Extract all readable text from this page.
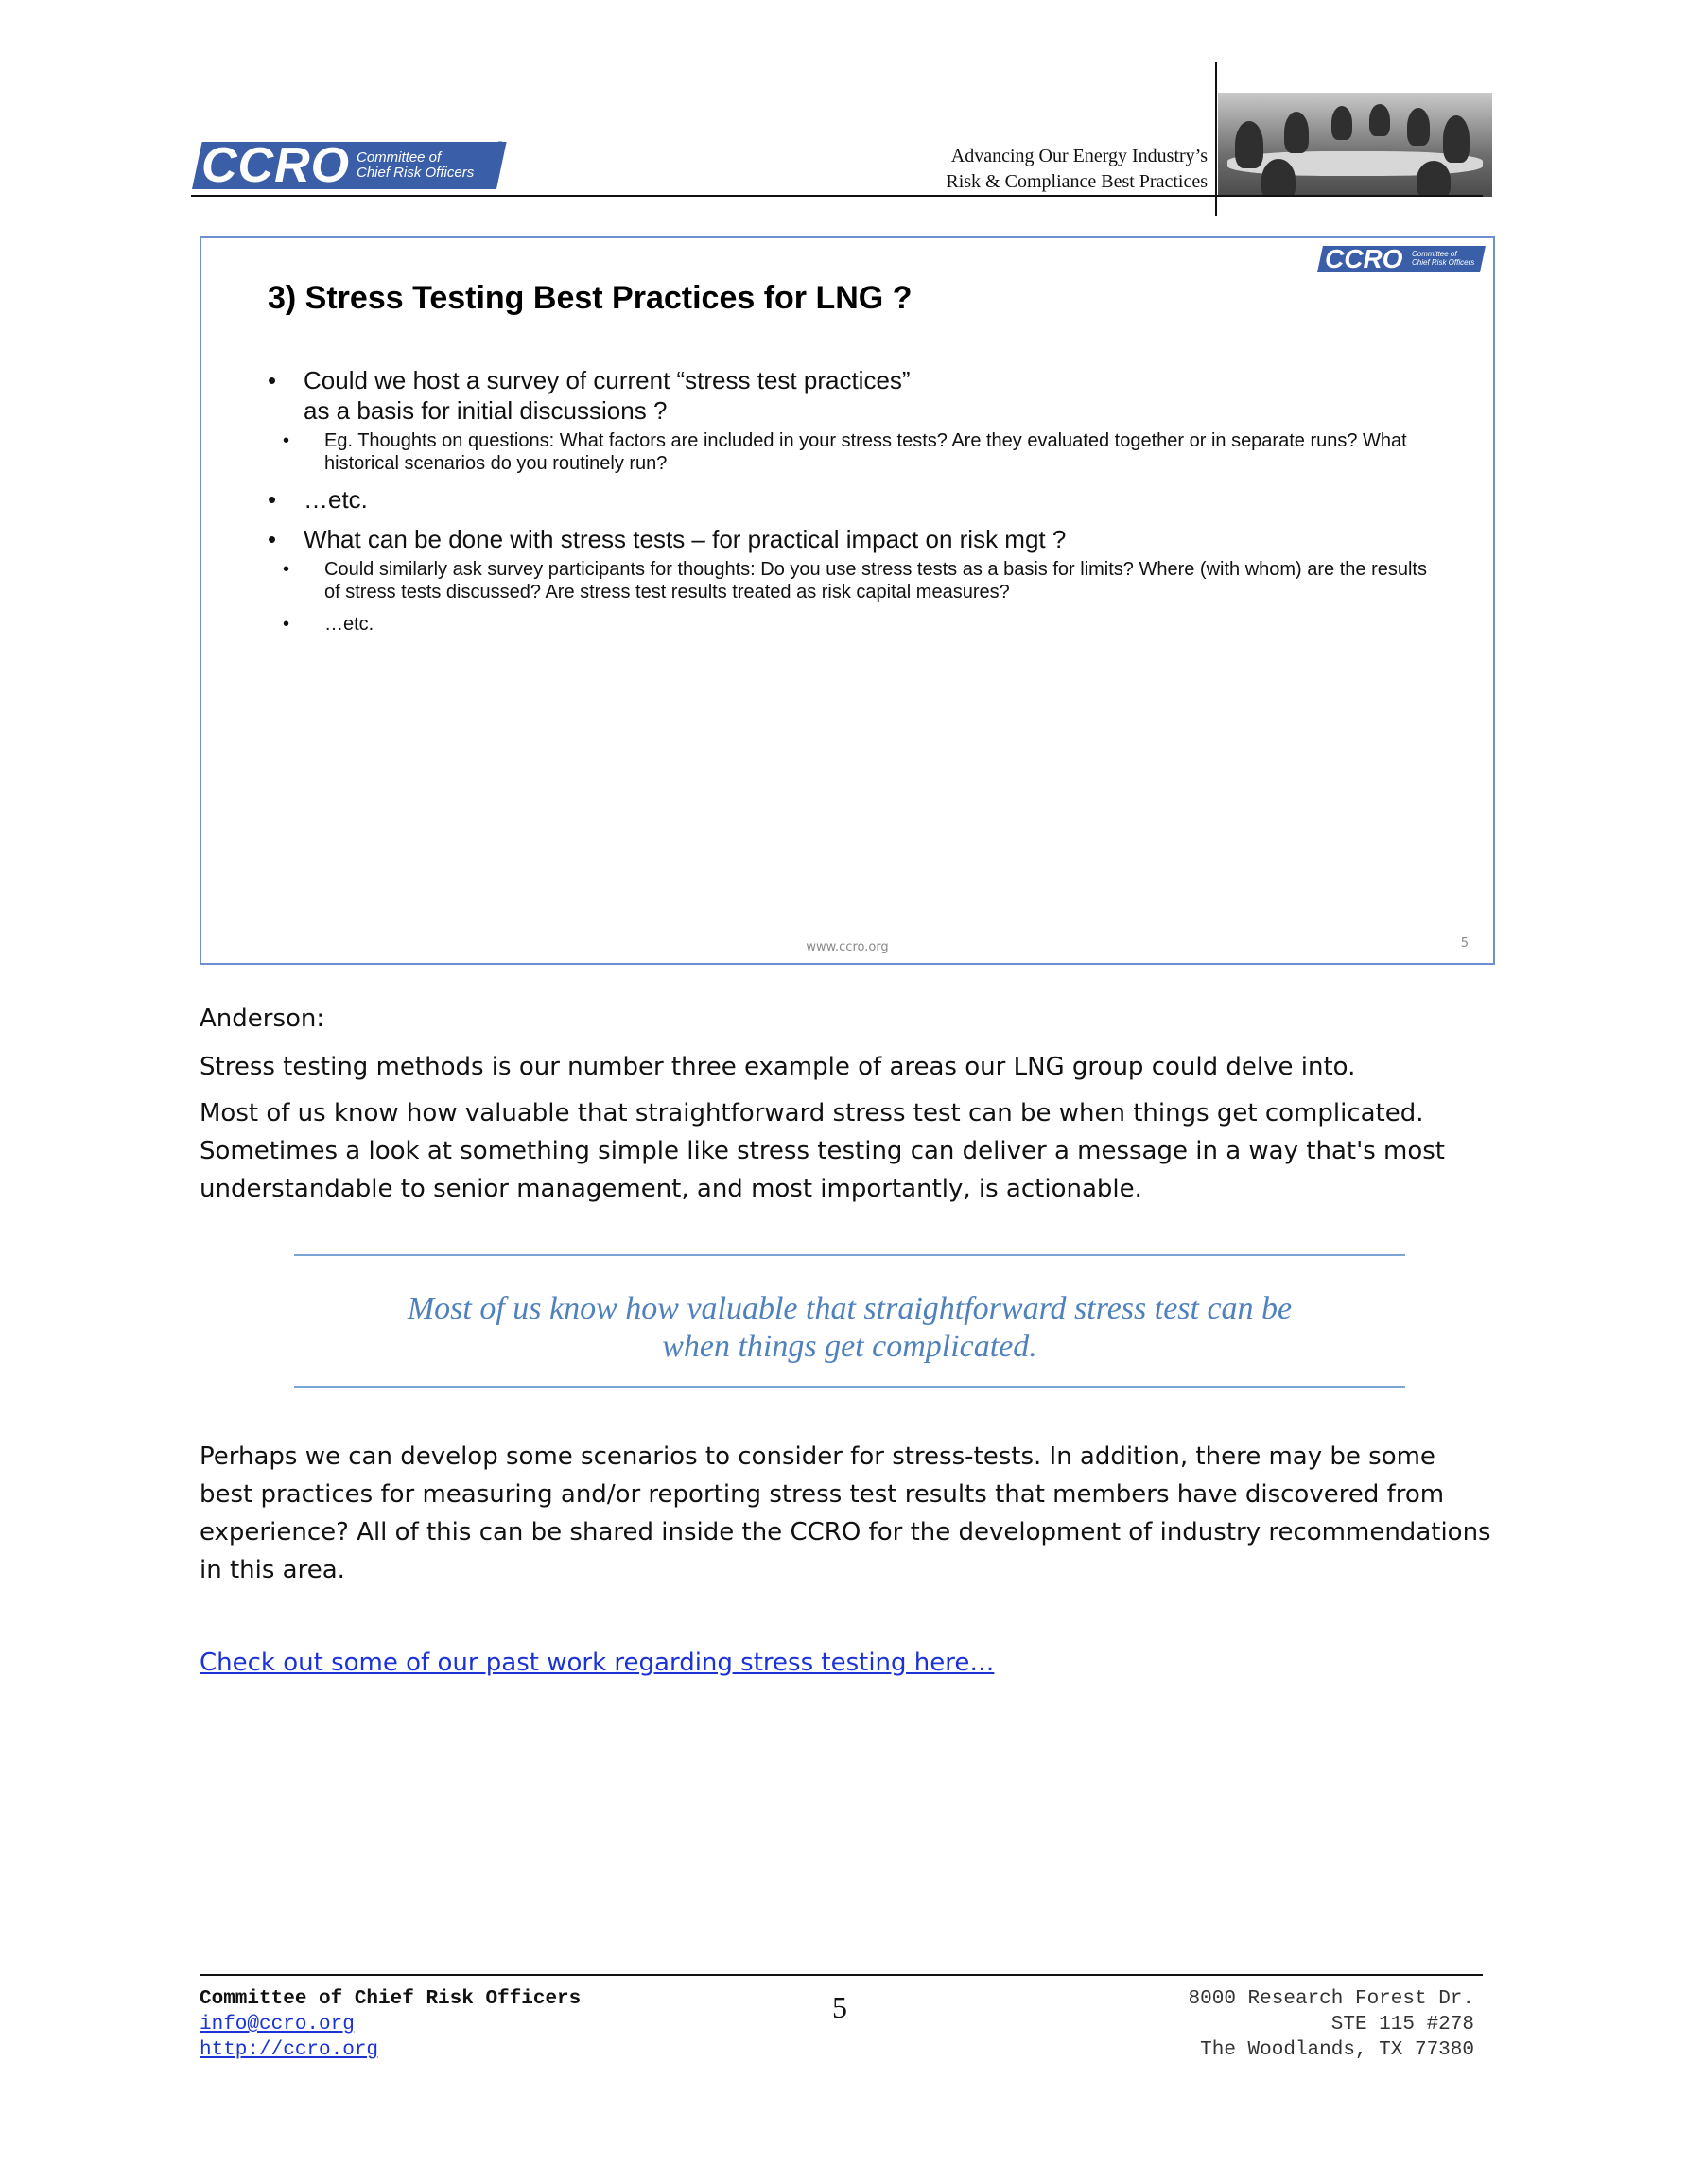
CCRO Committee of
Chief Risk Officers
®	Advancing Our Energy Industry’s
Risk & Compliance Best Practices
CCRO Committee of
Chief Risk Officers
3) Stress Testing Best Practices for LNG ?
• Could we host a survey of current “stress test practices”
as a basis for initial discussions ?
• Eg. Thoughts on questions: What factors are included in your stress tests? Are they evaluated together or in separate runs? What historical scenarios do you routinely run?
• …etc.
• What can be done with stress tests – for practical impact on risk mgt ?
• Could similarly ask survey participants for thoughts: Do you use stress tests as a basis for limits? Where (with whom) are the results of stress tests discussed? Are stress test results treated as risk capital measures?
• …etc.
www.ccro.org	5
Anderson:
Stress testing methods is our number three example of areas our LNG group could delve into.
Most of us know how valuable that straightforward stress test can be when things get complicated. Sometimes a look at something simple like stress testing can deliver a message in a way that's most understandable to senior management, and most importantly, is actionable.
Most of us know how valuable that straightforward stress test can be
when things get complicated.
Perhaps we can develop some scenarios to consider for stress-tests. In addition, there may be some best practices for measuring and/or reporting stress test results that members have discovered from experience? All of this can be shared inside the CCRO for the development of industry recommendations in this area.
Check out some of our past work regarding stress testing here…
Committee of Chief Risk Officers
info@ccro.org
http://ccro.org
5	8000 Research Forest Dr.
STE 115 #278
The Woodlands, TX 77380
